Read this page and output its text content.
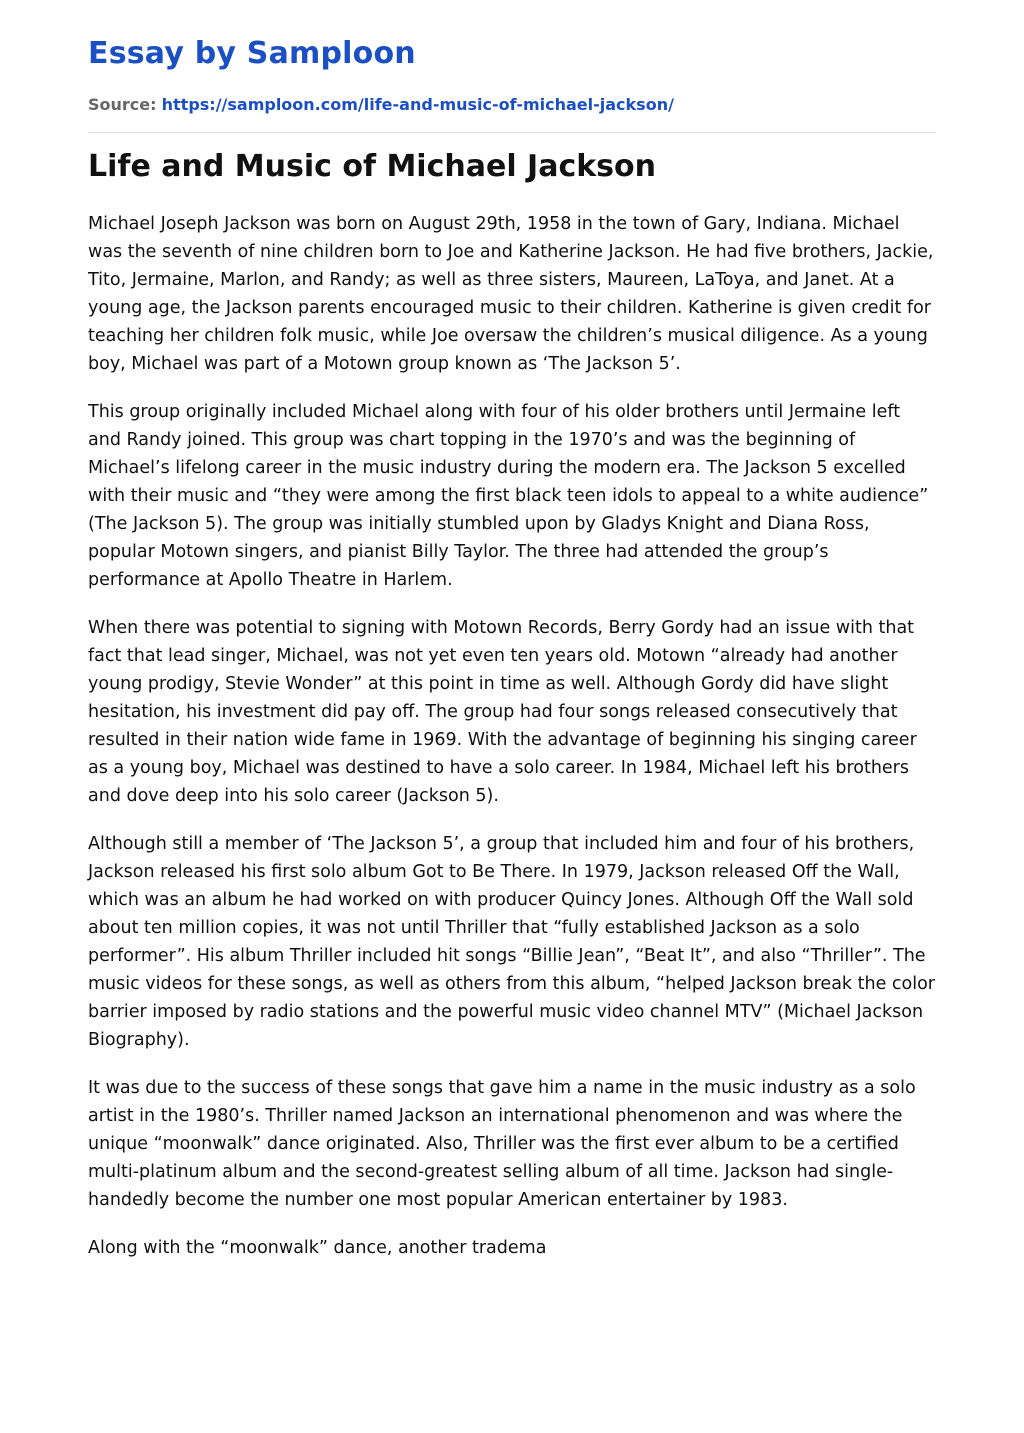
Essay by Samploon
Source: https://samploon.com/life-and-music-of-michael-jackson/
Life and Music of Michael Jackson

Michael Joseph Jackson was born on August 29th, 1958 in the town of Gary, Indiana. Michael was the seventh of nine children born to Joe and Katherine Jackson. He had five brothers, Jackie, Tito, Jermaine, Marlon, and Randy; as well as three sisters, Maureen, LaToya, and Janet. At a young age, the Jackson parents encouraged music to their children. Katherine is given credit for teaching her children folk music, while Joe oversaw the children’s musical diligence. As a young boy, Michael was part of a Motown group known as ‘The Jackson 5’.

This group originally included Michael along with four of his older brothers until Jermaine left and Randy joined. This group was chart topping in the 1970’s and was the beginning of Michael’s lifelong career in the music industry during the modern era. The Jackson 5 excelled with their music and “they were among the first black teen idols to appeal to a white audience” (The Jackson 5). The group was initially stumbled upon by Gladys Knight and Diana Ross, popular Motown singers, and pianist Billy Taylor. The three had attended the group’s performance at Apollo Theatre in Harlem.

When there was potential to signing with Motown Records, Berry Gordy had an issue with that fact that lead singer, Michael, was not yet even ten years old. Motown “already had another young prodigy, Stevie Wonder” at this point in time as well. Although Gordy did have slight hesitation, his investment did pay off. The group had four songs released consecutively that resulted in their nation wide fame in 1969. With the advantage of beginning his singing career as a young boy, Michael was destined to have a solo career. In 1984, Michael left his brothers and dove deep into his solo career (Jackson 5).

Although still a member of ‘The Jackson 5’, a group that included him and four of his brothers, Jackson released his first solo album Got to Be There. In 1979, Jackson released Off the Wall, which was an album he had worked on with producer Quincy Jones. Although Off the Wall sold about ten million copies, it was not until Thriller that “fully established Jackson as a solo performer”. His album Thriller included hit songs “Billie Jean”, “Beat It”, and also “Thriller”. The music videos for these songs, as well as others from this album, “helped Jackson break the color barrier imposed by radio stations and the powerful music video channel MTV” (Michael Jackson Biography).

It was due to the success of these songs that gave him a name in the music industry as a solo artist in the 1980’s. Thriller named Jackson an international phenomenon and was where the unique “moonwalk” dance originated. Also, Thriller was the first ever album to be a certified multi-platinum album and the second-greatest selling album of all time. Jackson had single-handedly become the number one most popular American entertainer by 1983.

Along with the “moonwalk” dance, another tradema
